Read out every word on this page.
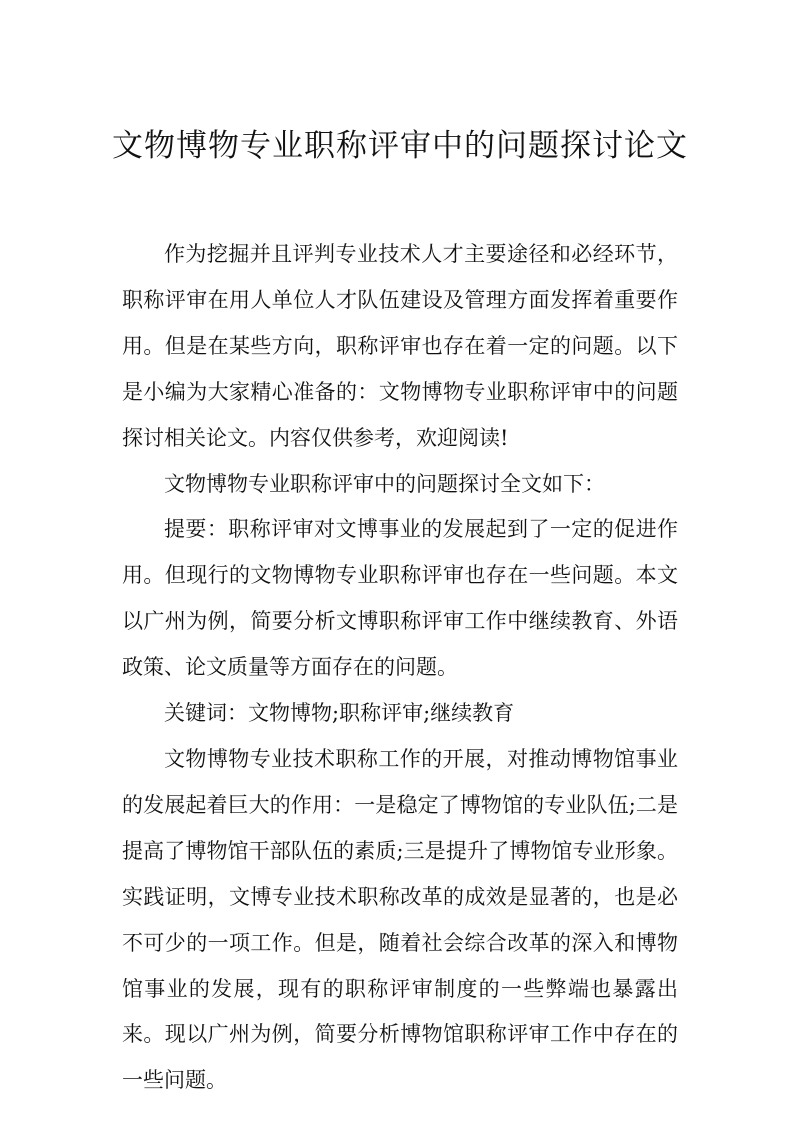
文物博物专业职称评审中的问题探讨论文

作为挖掘并且评判专业技术人才主要途径和必经环节，职称评审在用人单位人才队伍建设及管理方面发挥着重要作用。但是在某些方向，职称评审也存在着一定的问题。以下是小编为大家精心准备的：文物博物专业职称评审中的问题探讨相关论文。内容仅供参考，欢迎阅读!

文物博物专业职称评审中的问题探讨全文如下：

提要：职称评审对文博事业的发展起到了一定的促进作用。但现行的文物博物专业职称评审也存在一些问题。本文以广州为例，简要分析文博职称评审工作中继续教育、外语政策、论文质量等方面存在的问题。

关键词：文物博物;职称评审;继续教育

文物博物专业技术职称工作的开展，对推动博物馆事业的发展起着巨大的作用：一是稳定了博物馆的专业队伍;二是提高了博物馆干部队伍的素质;三是提升了博物馆专业形象。实践证明，文博专业技术职称改革的成效是显著的，也是必不可少的一项工作。但是，随着社会综合改革的深入和博物馆事业的发展，现有的职称评审制度的一些弊端也暴露出来。现以广州为例，简要分析博物馆职称评审工作中存在的一些问题。
